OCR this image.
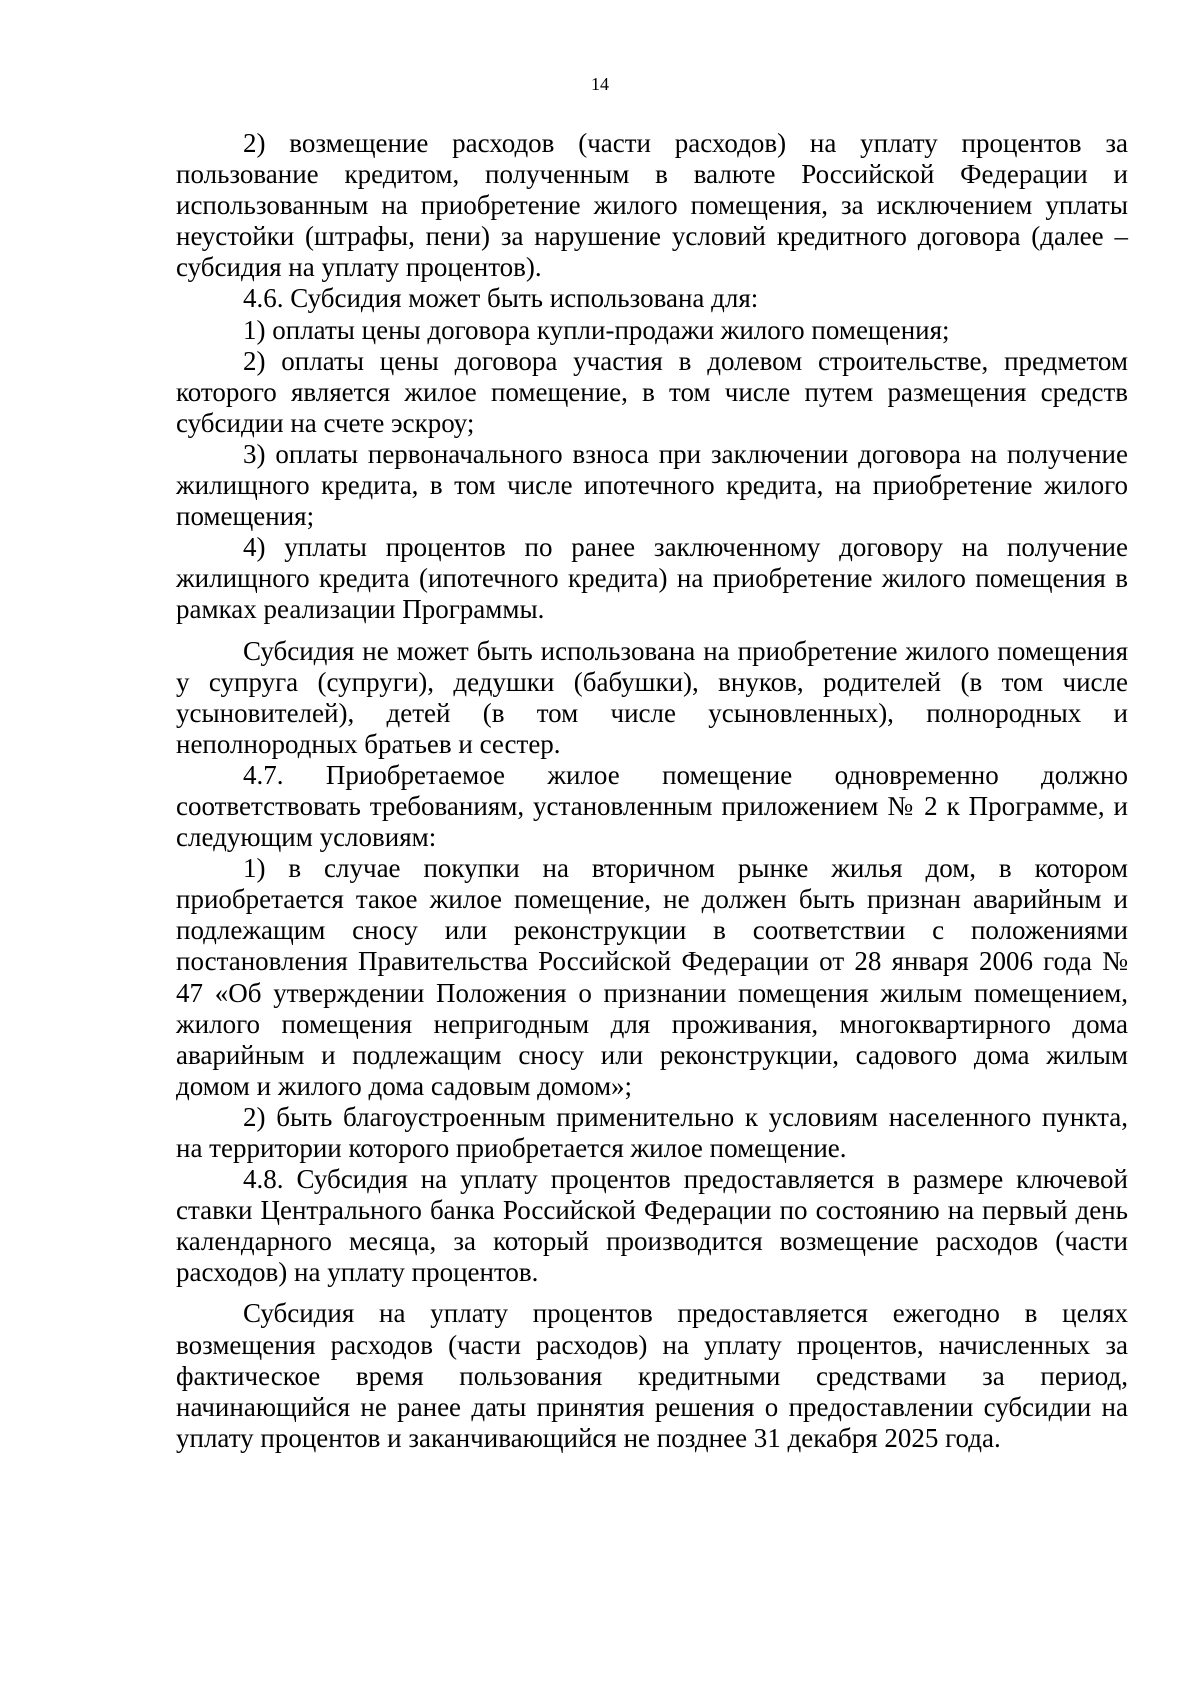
14

2) возмещение расходов (части расходов) на уплату процентов за пользование кредитом, полученным в валюте Российской Федерации и использованным на приобретение жилого помещения, за исключением уплаты неустойки (штрафы, пени) за нарушение условий кредитного договора (далее – субсидия на уплату процентов).

4.6. Субсидия может быть использована для:

1) оплаты цены договора купли-продажи жилого помещения;

2) оплаты цены договора участия в долевом строительстве, предметом которого является жилое помещение, в том числе путем размещения средств субсидии на счете эскроу;

3) оплаты первоначального взноса при заключении договора на получение жилищного кредита, в том числе ипотечного кредита, на приобретение жилого помещения;

4) уплаты процентов по ранее заключенному договору на получение жилищного кредита (ипотечного кредита) на приобретение жилого помещения в рамках реализации Программы.

Субсидия не может быть использована на приобретение жилого помещения у супруга (супруги), дедушки (бабушки), внуков, родителей (в том числе усыновителей), детей (в том числе усыновленных), полнородных и неполнородных братьев и сестер.

4.7. Приобретаемое жилое помещение одновременно должно соответствовать требованиям, установленным приложением № 2 к Программе, и следующим условиям:

1) в случае покупки на вторичном рынке жилья дом, в котором приобретается такое жилое помещение, не должен быть признан аварийным и подлежащим сносу или реконструкции в соответствии с положениями постановления Правительства Российской Федерации от 28 января 2006 года № 47 «Об утверждении Положения о признании помещения жилым помещением, жилого помещения непригодным для проживания, многоквартирного дома аварийным и подлежащим сносу или реконструкции, садового дома жилым домом и жилого дома садовым домом»;

2) быть благоустроенным применительно к условиям населенного пункта, на территории которого приобретается жилое помещение.

4.8. Субсидия на уплату процентов предоставляется в размере ключевой ставки Центрального банка Российской Федерации по состоянию на первый день календарного месяца, за который производится возмещение расходов (части расходов) на уплату процентов.

Субсидия на уплату процентов предоставляется ежегодно в целях возмещения расходов (части расходов) на уплату процентов, начисленных за фактическое время пользования кредитными средствами за период, начинающийся не ранее даты принятия решения о предоставлении субсидии на уплату процентов и заканчивающийся не позднее 31 декабря 2025 года.
